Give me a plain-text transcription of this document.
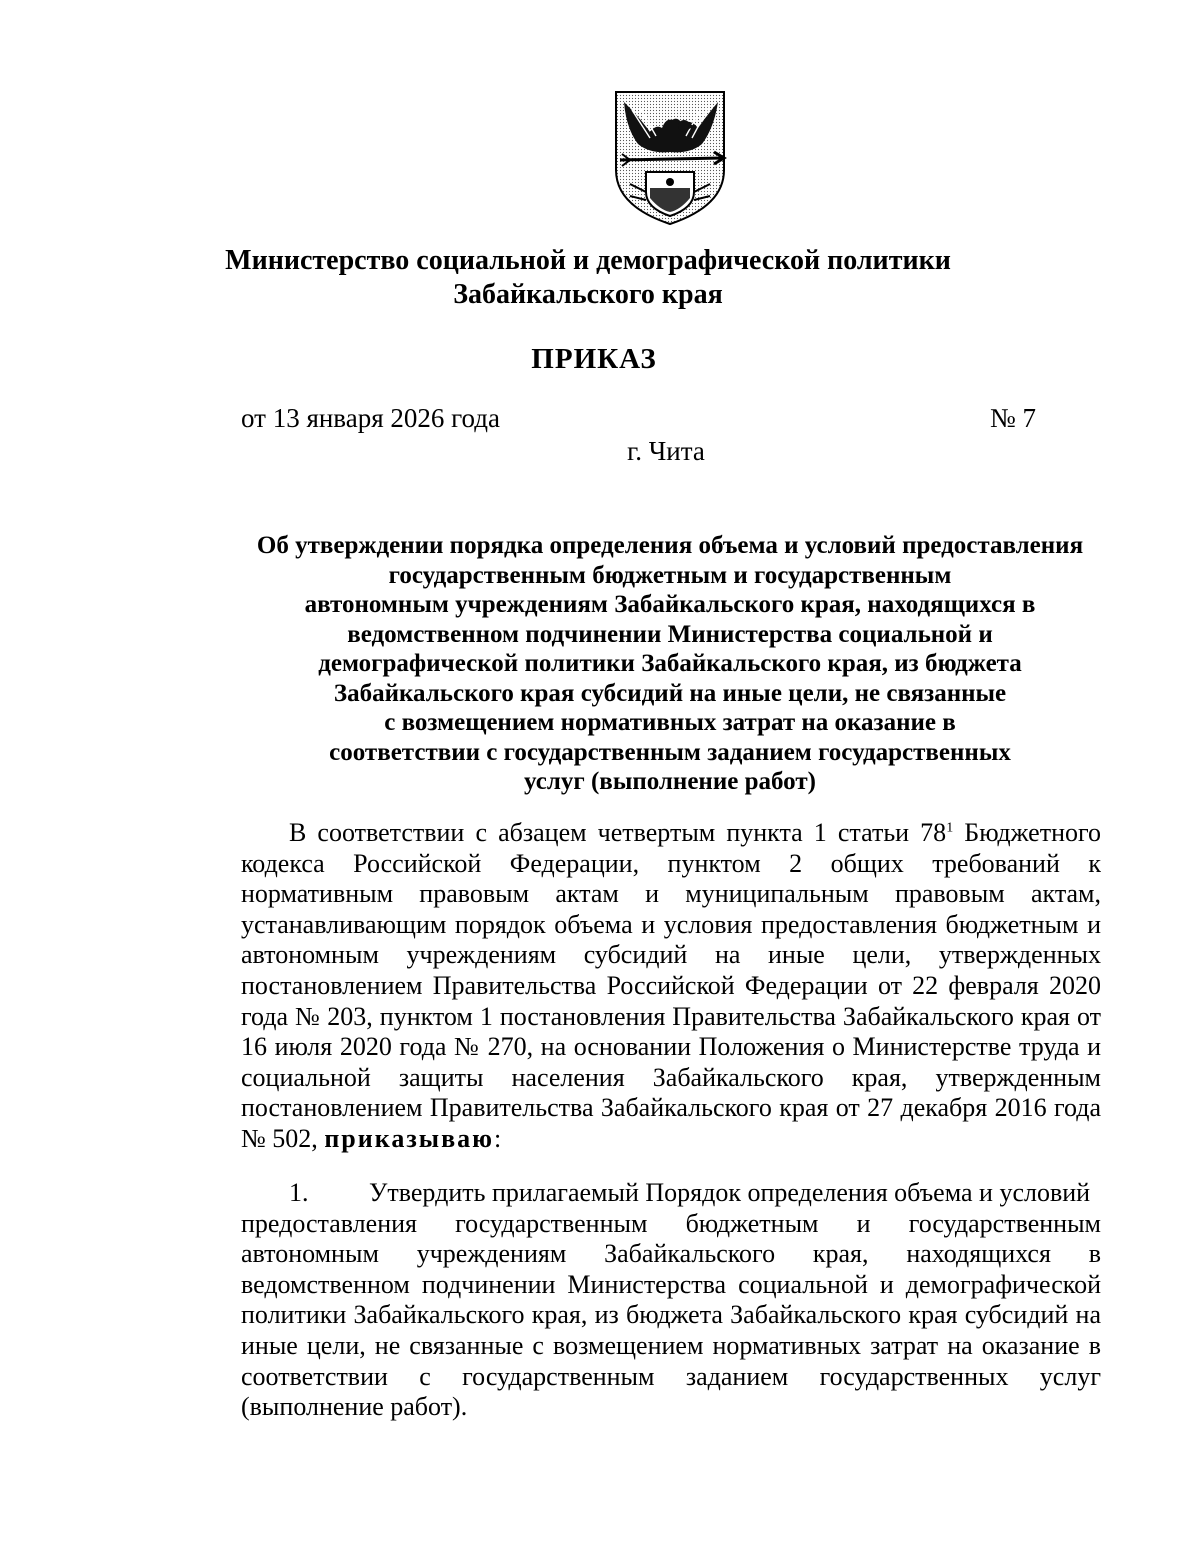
Министерство социальной и демографической политики
Забайкальского края
ПРИКАЗ
от 13 января 2026 года	№ 7
г. Чита
Об утверждении порядка определения объема и условий предоставления
государственным бюджетным и государственным
автономным учреждениям Забайкальского края, находящихся в
ведомственном подчинении Министерства социальной и
демографической политики Забайкальского края, из бюджета
Забайкальского края субсидий на иные цели, не связанные
с возмещением нормативных затрат на оказание в
соответствии с государственным заданием государственных
услуг (выполнение работ)
В соответствии с абзацем четвертым пункта 1 статьи $78^1$ Бюджетного
кодекса Российской Федерации, пунктом 2 общих требований к
нормативным правовым актам и муниципальным правовым актам,
устанавливающим порядок объема и условия предоставления бюджетным и
автономным учреждениям субсидий на иные цели, утвержденных
постановлением Правительства Российской Федерации от 22 февраля 2020
года № 203, пунктом 1 постановления Правительства Забайкальского края от
16 июля 2020 года № 270, на основании Положения о Министерстве труда и
социальной защиты населения Забайкальского края, утвержденным
постановлением Правительства Забайкальского края от 27 декабря 2016 года
№ 502, приказываю:
1. Утвердить прилагаемый Порядок определения объема и условий
предоставления государственным бюджетным и государственным
автономным учреждениям Забайкальского края, находящихся в
ведомственном подчинении Министерства социальной и демографической
политики Забайкальского края, из бюджета Забайкальского края субсидий на
иные цели, не связанные с возмещением нормативных затрат на оказание в
соответствии с государственным заданием государственных услуг
(выполнение работ).
